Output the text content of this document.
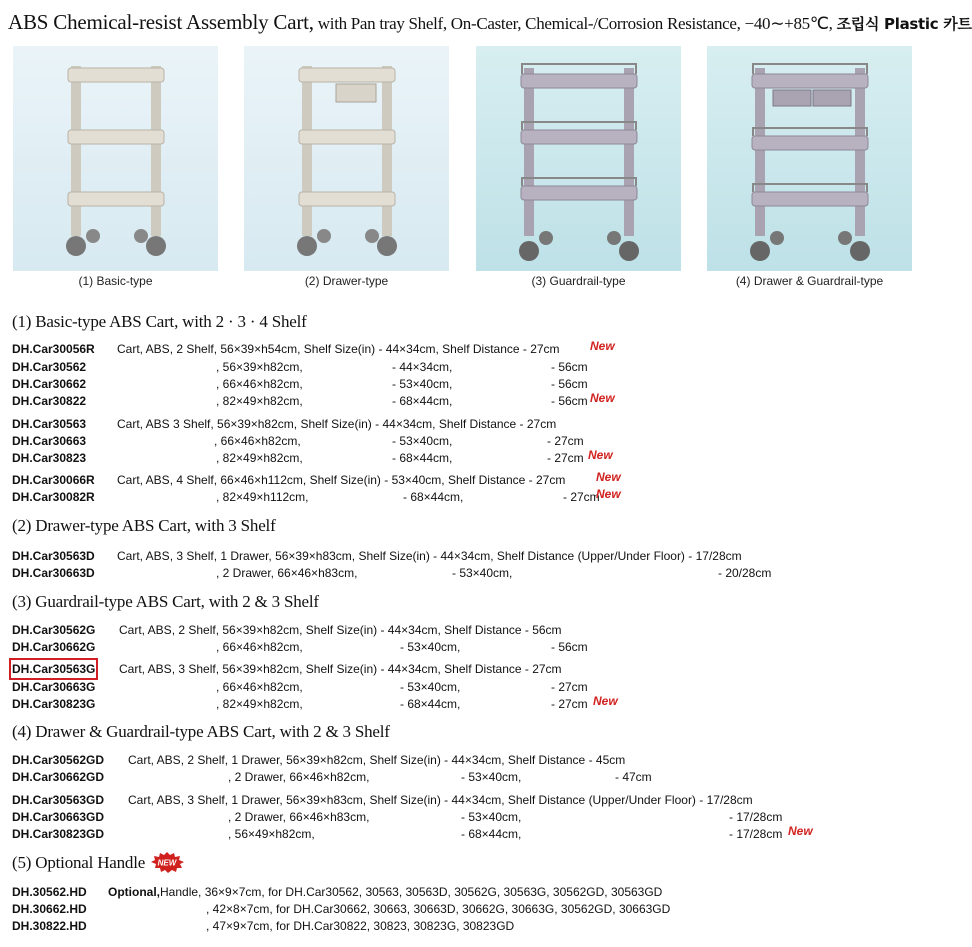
ABS Chemical-resist Assembly Cart, with Pan tray Shelf, On-Caster, Chemical-/Corrosion Resistance, −40∼+85℃, 조립식 Plastic 카트
(1) Basic-type	(2) Drawer-type	(3) Guardrail-type	(4) Drawer & Guardrail-type
(1) Basic-type ABS Cart, with 2 · 3 · 4 Shelf
(2) Drawer-type ABS Cart, with 3 Shelf
(3) Guardrail-type ABS Cart, with 2 & 3 Shelf
(4) Drawer & Guardrail-type ABS Cart, with 2 & 3 Shelf
(5) Optional Handle NEW
DH.Car30056R Cart, ABS, 2 Shelf, 56×39×h54cm, Shelf Size(in) - 44×34cm, Shelf Distance - 27cm	New
DH.Car30562	, 56×39×h82cm,	- 44×34cm,	- 56cm
DH.Car30662	, 66×46×h82cm,	- 53×40cm,	- 56cm
DH.Car30822	, 82×49×h82cm,	- 68×44cm,	- 56cm New
DH.Car30563	Cart, ABS 3 Shelf, 56×39×h82cm, Shelf Size(in) - 44×34cm, Shelf Distance - 27cm
DH.Car30663	, 66×46×h82cm,	- 53×40cm,	- 27cm
DH.Car30823	, 82×49×h82cm,	- 68×44cm,	- 27cm New
DH.Car30066R Cart, ABS, 4 Shelf, 66×46×h112cm, Shelf Size(in) - 53×40cm, Shelf Distance - 27cm	New
DH.Car30082R	, 82×49×h112cm,	- 68×44cm,	- 27cm
New
DH.Car30563D Cart, ABS, 3 Shelf, 1 Drawer, 56×39×h83cm, Shelf Size(in) - 44×34cm, Shelf Distance (Upper/Under Floor) - 17/28cm
DH.Car30663D	, 2 Drawer, 66×46×h83cm,	- 53×40cm,	- 20/28cm
DH.Car30562G Cart, ABS, 2 Shelf, 56×39×h82cm, Shelf Size(in) - 44×34cm, Shelf Distance - 56cm
DH.Car30662G	, 66×46×h82cm,	- 53×40cm,	- 56cm
DH.Car30563G Cart, ABS, 3 Shelf, 56×39×h82cm, Shelf Size(in) - 44×34cm, Shelf Distance - 27cm
DH.Car30663G	, 66×46×h82cm,	- 53×40cm,	- 27cm
DH.Car30823G	, 82×49×h82cm,	- 68×44cm,	- 27cm New
DH.Car30562GD Cart, ABS, 2 Shelf, 1 Drawer, 56×39×h82cm, Shelf Size(in) - 44×34cm, Shelf Distance - 45cm
DH.Car30662GD	, 2 Drawer, 66×46×h82cm,	- 53×40cm,	- 47cm
DH.Car30563GD Cart, ABS, 3 Shelf, 1 Drawer, 56×39×h83cm, Shelf Size(in) - 44×34cm, Shelf Distance (Upper/Under Floor) - 17/28cm
DH.Car30663GD	, 2 Drawer, 66×46×h83cm,	- 53×40cm,	- 17/28cm
DH.Car30823GD	, 56×49×h82cm,	- 68×44cm,	- 17/28cm New
DH.30562.HD Optional, Handle, 36×9×7cm, for DH.Car30562, 30563, 30563D, 30562G, 30563G, 30562GD, 30563GD
DH.30662.HD	, 42×8×7cm, for DH.Car30662, 30663, 30663D, 30662G, 30663G, 30562GD, 30663GD
DH.30822.HD	, 47×9×7cm, for DH.Car30822, 30823, 30823G, 30823GD
